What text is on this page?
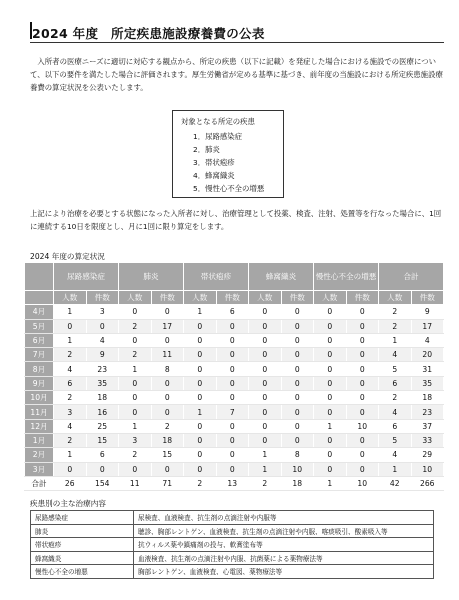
2024 年度　所定疾患施設療養費の公表
　入所者の医療ニーズに適切に対応する観点から、所定の疾患（以下に記載）を発症した場合における施設での医療について、以下の要件を満たした場合に評価されます。厚生労働省が定める基準に基づき、前年度の当施設における所定疾患施設療養費の算定状況を公表いたします。
対象となる所定の疾患
1．尿路感染症
2．肺炎
3．帯状疱疹
4．蜂窩織炎
5．慢性心不全の増悪
上記により治療を必要とする状態になった入所者に対し、治療管理として投薬、検査、注射、処置等を行なった場合に、1回に連続する10日を限度とし、月に1回に限り算定をします。
2024 年度の算定状況
	尿路感染症		肺炎		帯状疱疹		蜂窩織炎		慢性心不全の増悪		合計	
	人数	件数	人数	件数	人数	件数	人数	件数	人数	件数	人数	件数
4月	1	3	0	0	1	6	0	0	0	0	2	9
5月	0	0	2	17	0	0	0	0	0	0	2	17
6月	1	4	0	0	0	0	0	0	0	0	1	4
7月	2	9	2	11	0	0	0	0	0	0	4	20
8月	4	23	1	8	0	0	0	0	0	0	5	31
9月	6	35	0	0	0	0	0	0	0	0	6	35
10月	2	18	0	0	0	0	0	0	0	0	2	18
11月	3	16	0	0	1	7	0	0	0	0	4	23
12月	4	25	1	2	0	0	0	0	1	10	6	37
1月	2	15	3	18	0	0	0	0	0	0	5	33
2月	1	6	2	15	0	0	1	8	0	0	4	29
3月	0	0	0	0	0	0	1	10	0	0	1	10
合計	26	154	11	71	2	13	2	18	1	10	42	266
疾患別の主な治療内容
尿路感染症	尿検査、血液検査、抗生剤の点滴注射や内服等
肺炎	聴診、胸部レントゲン、血液検査、抗生剤の点滴注射や内服、喀痰吸引、酸素吸入等
帯状疱疹	抗ウィルス薬や鎮痛剤の投与、軟膏塗布等
蜂窩織炎	血液検査、抗生剤の点滴注射や内服、抗菌薬による薬物療法等
慢性心不全の増悪	胸部レントゲン、血液検査、心電図、薬物療法等
